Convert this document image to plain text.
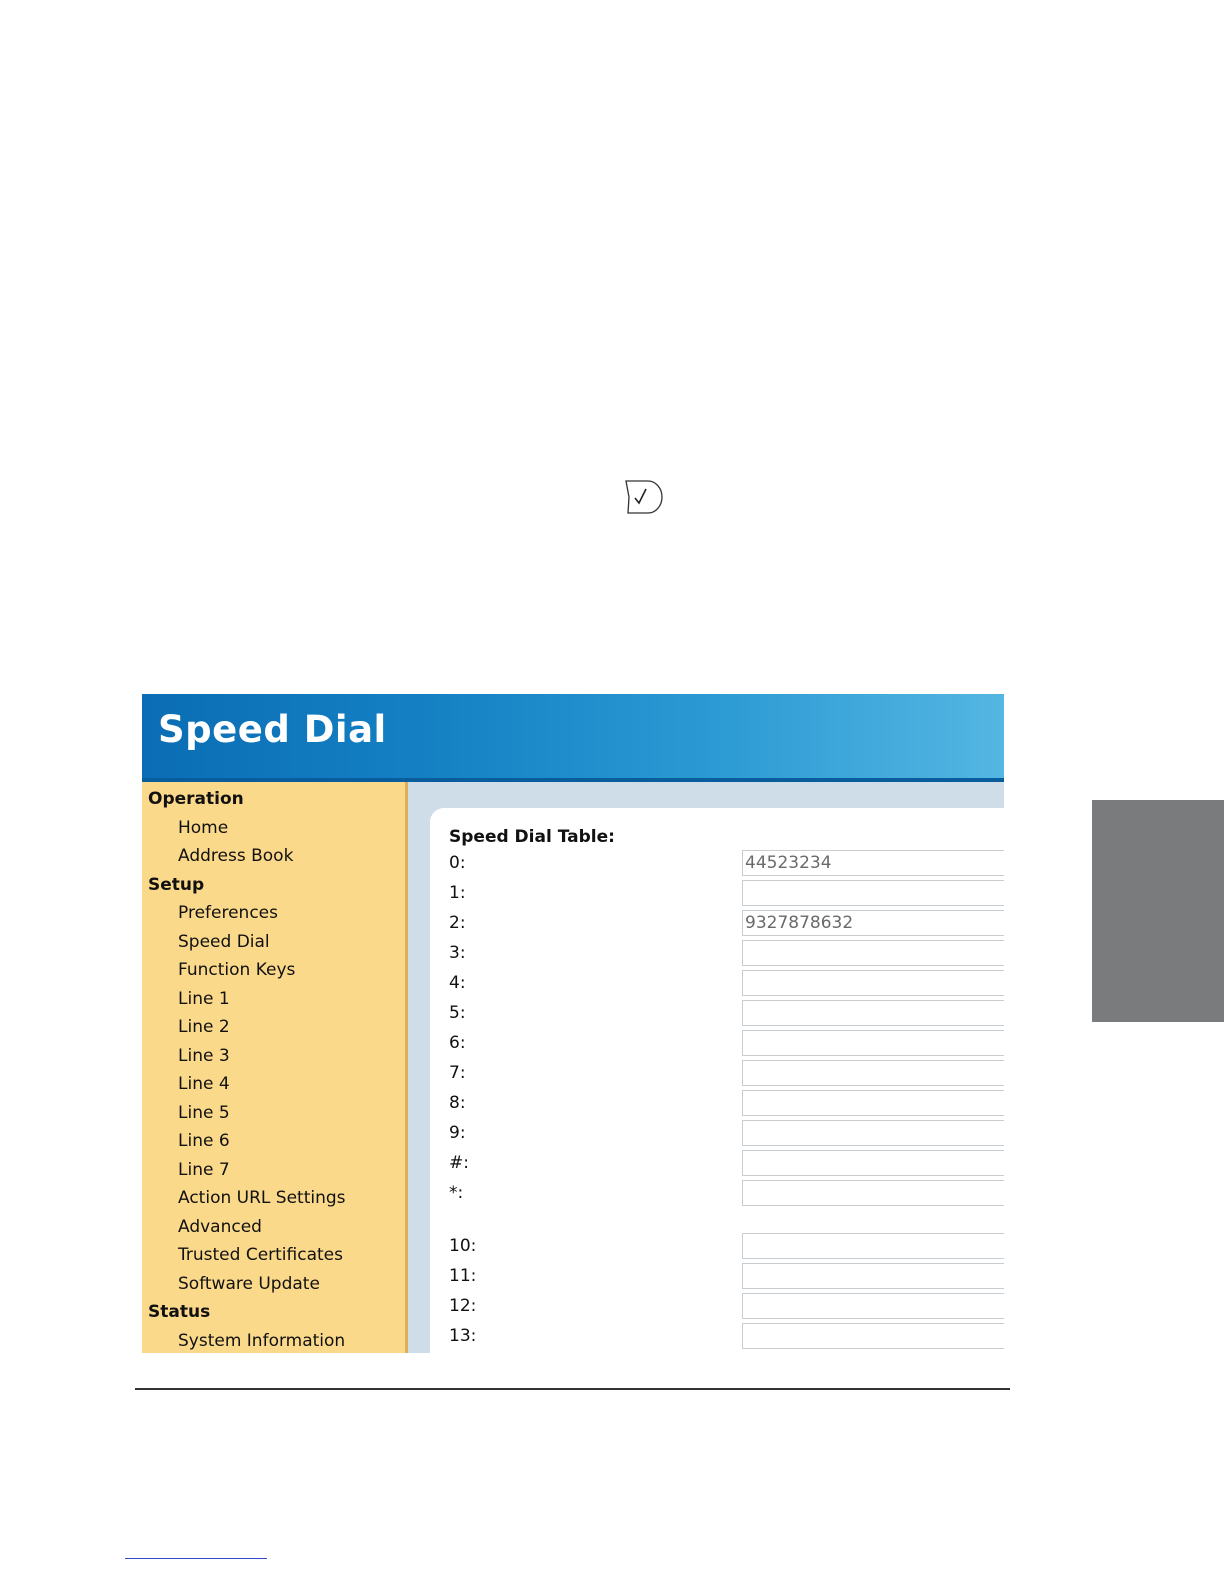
Speed Dial
Operation
Home
Address Book
Setup
Preferences
Speed Dial
Function Keys
Line 1
Line 2
Line 3
Line 4
Line 5
Line 6
Line 7
Action URL Settings
Advanced
Trusted Certificates
Software Update
Status
System Information
Speed Dial Table:
0:
44523234
1:
2:
9327878632
3:
4:
5:
6:
7:
8:
9:
#:
*:
10:
11:
12:
13:
